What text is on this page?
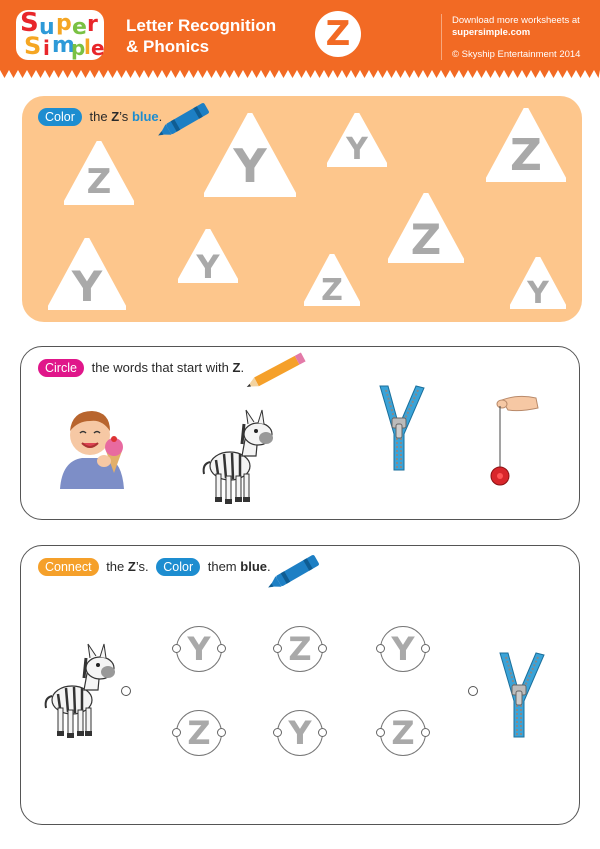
S u p e r
S i m
p
l e
Letter Recognition
& Phonics	Z	Download more worksheets at
supersimple.com
© Skyship Entertainment 2014
Color the Z’s blue.
Z	Y	Y	Z
Z
Y	Y
Z	Y
Circle the words that start with Z.
Connect the Z’s. Color them blue.
Y	Z	Y
Z	Y	Z
